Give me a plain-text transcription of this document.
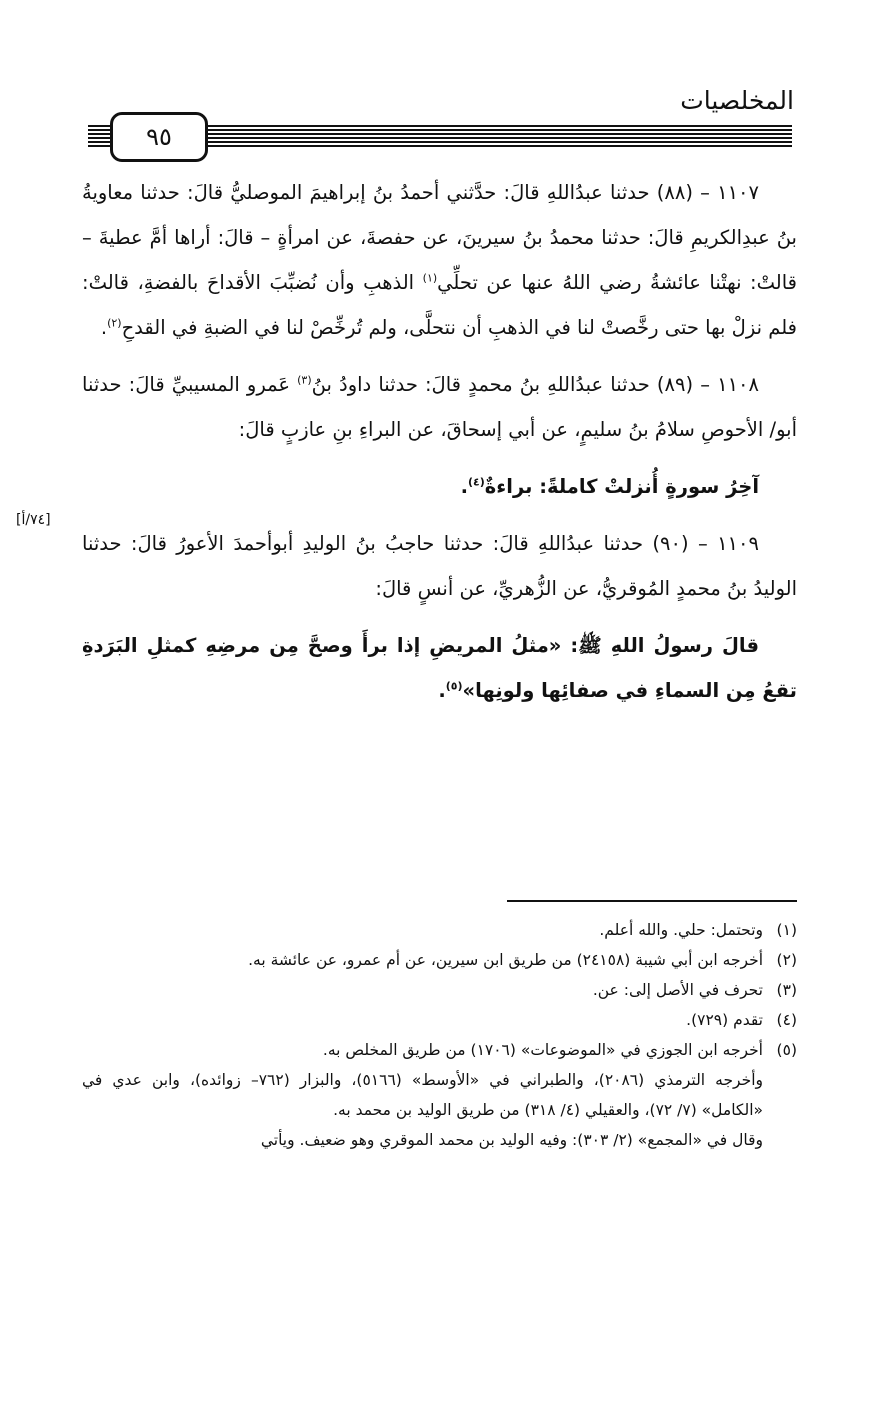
المخلصيات
٩٥

١١٠٧ – (٨٨) حدثنا عبدُاللهِ قالَ: حدَّثني أحمدُ بنُ إبراهيمَ الموصليُّ قالَ: حدثنا معاويةُ بنُ عبدِالكريمِ قالَ: حدثنا محمدُ بنُ سيرينَ، عن حفصةَ، عن امرأةٍ – قالَ: أراها أمَّ عطيةَ – قالتْ: نهتْنا عائشةُ رضي اللهُ عنها عن تحلِّي$^{(١)}$ الذهبِ وأن نُضبِّبَ الأقداحَ بالفضةِ، قالتْ: فلم نزلْ بها حتى رخَّصتْ لنا في الذهبِ أن نتحلَّى، ولم تُرخِّصْ لنا في الضبةِ في القدحِ$^{(٢)}$.

١١٠٨ – (٨٩) حدثنا عبدُاللهِ بنُ محمدٍ قالَ: حدثنا داودُ بنُ$^{(٣)}$ عَمرو المسيبيِّ قالَ: حدثنا أبو/ الأحوصِ سلامُ بنُ سليمٍ، عن أبي إسحاقَ، عن البراءِ بنِ عازبٍ قالَ:

آخِرُ سورةٍ أُنزلتْ كاملةً: براءةٌ$^{(٤)}$.

١١٠٩ – (٩٠) حدثنا عبدُاللهِ قالَ: حدثنا حاجبُ بنُ الوليدِ أبوأحمدَ الأعورُ قالَ: حدثنا الوليدُ بنُ محمدٍ المُوقريُّ، عن الزُّهريِّ، عن أنسٍ قالَ:

قالَ رسولُ اللهِ ﷺ: «مثلُ المريضِ إذا برأَ وصحَّ مِن مرضِهِ كمثلِ البَرَدةِ تقعُ مِن السماءِ في صفائِها ولونِها»$^{(٥)}$.

[٧٤/أ]

(١)
وتحتمل: حلي. والله أعلم.

(٢)
أخرجه ابن أبي شيبة (٢٤١٥٨) من طريق ابن سيرين، عن أم عمرو، عن عائشة به.

(٣)
تحرف في الأصل إلى: عن.

(٤)
تقدم (٧٢٩).

(٥)
أخرجه ابن الجوزي في «الموضوعات» (١٧٠٦) من طريق المخلص به.

وأخرجه الترمذي (٢٠٨٦)، والطبراني في «الأوسط» (٥١٦٦)، والبزار (٧٦٢– زوائده)، وابن عدي في «الكامل» (٧/ ٧٢)، والعقيلي (٤/ ٣١٨) من طريق الوليد بن محمد به.

وقال في «المجمع» (٢/ ٣٠٣): وفيه الوليد بن محمد الموقري وهو ضعيف. ويأتي
